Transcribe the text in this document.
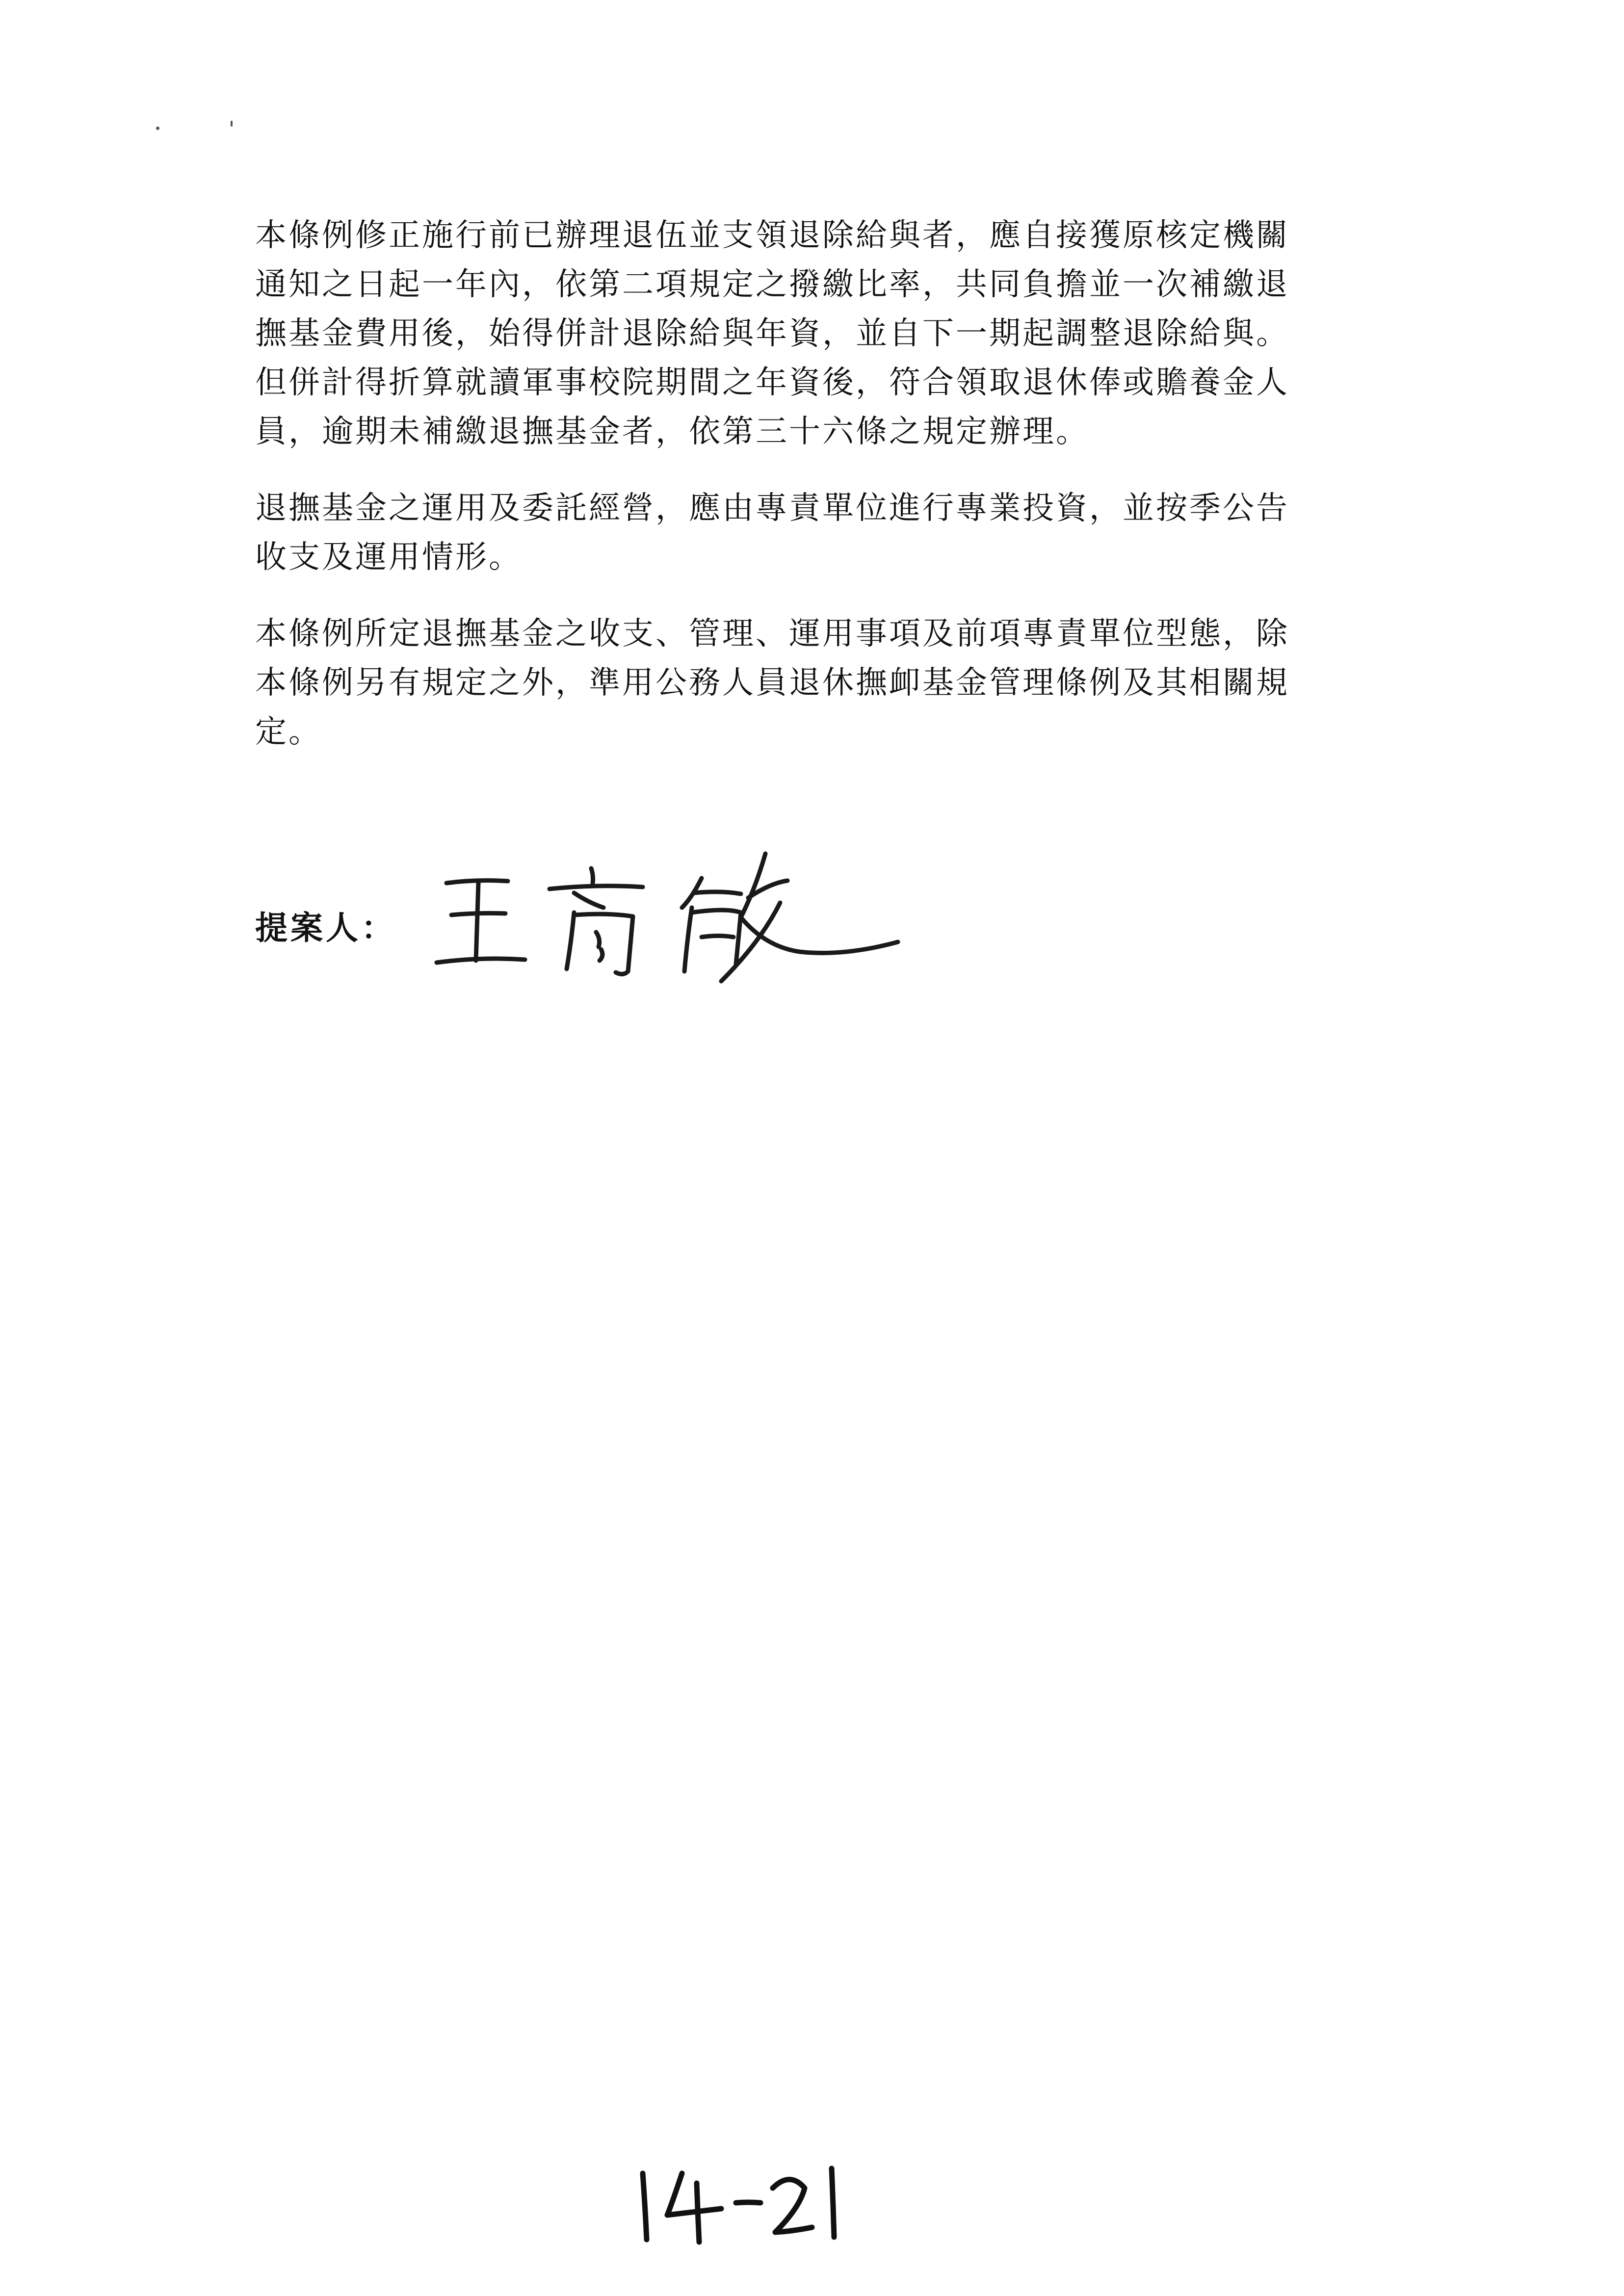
本條例修正施行前已辦理退伍並支領退除給與者，應自接獲原核定機關
通知之日起一年內，依第二項規定之撥繳比率，共同負擔並一次補繳退
撫基金費用後，始得併計退除給與年資，並自下一期起調整退除給與。
但併計得折算就讀軍事校院期間之年資後，符合領取退休俸或贍養金人
員，逾期未補繳退撫基金者，依第三十六條之規定辦理。

退撫基金之運用及委託經營，應由專責單位進行專業投資，並按季公告
收支及運用情形。

本條例所定退撫基金之收支、管理、運用事項及前項專責單位型態，除
本條例另有規定之外，準用公務人員退休撫卹基金管理條例及其相關規
定。

提案人：
